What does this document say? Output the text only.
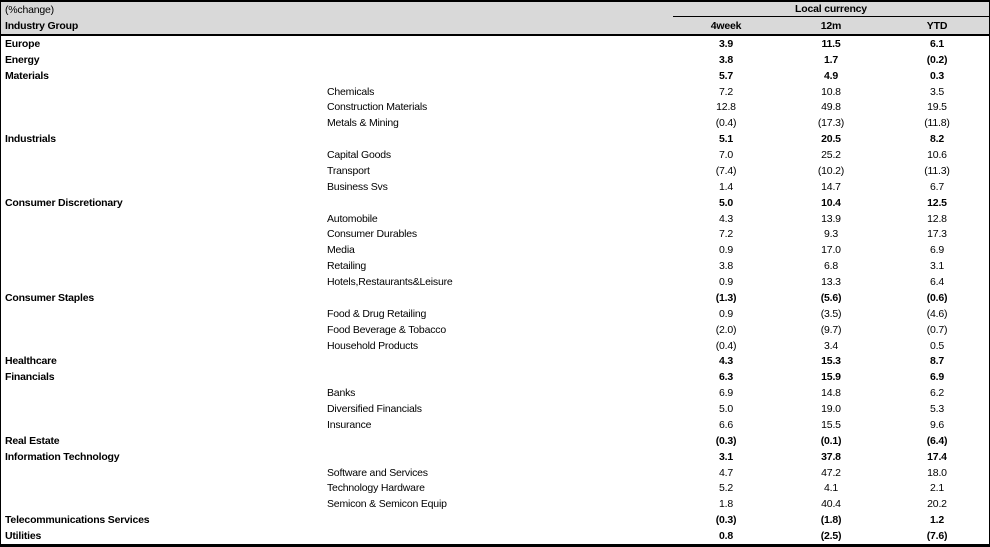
(%change)	Local currency
Industry Group	4week	12m	YTD
Europe	3.9	11.5	6.1
Energy	3.8	1.7	(0.2)
Materials	5.7	4.9	0.3
Chemicals	7.2	10.8	3.5
Construction Materials	12.8	49.8	19.5
Metals & Mining	(0.4)	(17.3)	(11.8)
Industrials	5.1	20.5	8.2
Capital Goods	7.0	25.2	10.6
Transport	(7.4)	(10.2)	(11.3)
Business Svs	1.4	14.7	6.7
Consumer Discretionary	5.0	10.4	12.5
Automobile	4.3	13.9	12.8
Consumer Durables	7.2	9.3	17.3
Media	0.9	17.0	6.9
Retailing	3.8	6.8	3.1
Hotels,Restaurants&Leisure	0.9	13.3	6.4
Consumer Staples	(1.3)	(5.6)	(0.6)
Food & Drug Retailing	0.9	(3.5)	(4.6)
Food Beverage & Tobacco	(2.0)	(9.7)	(0.7)
Household Products	(0.4)	3.4	0.5
Healthcare	4.3	15.3	8.7
Financials	6.3	15.9	6.9
Banks	6.9	14.8	6.2
Diversified Financials	5.0	19.0	5.3
Insurance	6.6	15.5	9.6
Real Estate	(0.3)	(0.1)	(6.4)
Information Technology	3.1	37.8	17.4
Software and Services	4.7	47.2	18.0
Technology Hardware	5.2	4.1	2.1
Semicon & Semicon Equip	1.8	40.4	20.2
Telecommunications Services	(0.3)	(1.8)	1.2
Utilities	0.8	(2.5)	(7.6)
